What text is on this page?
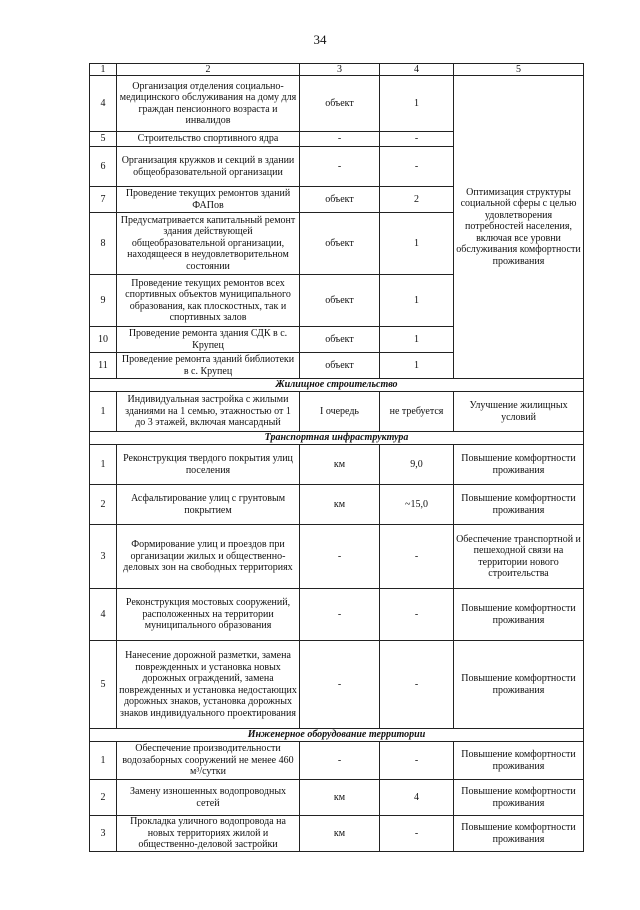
34
1	2	3	4	5
4	Организация отделения социально-медицинского обслуживания на дому для граждан пенсионного возраста и инвалидов	объект	1	Оптимизация структуры социальной сферы с целью удовлетворения потребностей населения, включая все уровни обслуживания комфортности проживания
5	Строительство спортивного ядра	-	-	
6	Организация кружков и секций в здании общеобразовательной организации	-	-	
7	Проведение текущих ремонтов зданий ФАПов	объект	2	
8	Предусматривается капитальный ремонт здания действующей общеобразовательной организации, находящееся в неудовлетворительном состоянии	объект	1	
9	Проведение текущих ремонтов всех спортивных объектов муниципального образования, как плоскостных, так и спортивных залов	объект	1	
10	Проведение ремонта здания СДК в с. Крупец	объект	1	
11	Проведение ремонта зданий библиотеки в с. Крупец	объект	1	
Жилищное строительство				
1	Индивидуальная застройка с жилыми зданиями на 1 семью, этажностью от 1 до 3 этажей, включая мансардный	I очередь	не требуется	Улучшение жилищных условий
Транспортная инфраструктура				
1	Реконструкция твердого покрытия улиц поселения	км	9,0	Повышение комфортности проживания
2	Асфальтирование улиц с грунтовым покрытием	км	~15,0	Повышение комфортности проживания
3	Формирование улиц и проездов при организации жилых и общественно-деловых зон на свободных территориях	-	-	Обеспечение транспортной и пешеходной связи на территории нового строительства
4	Реконструкция мостовых сооружений, расположенных на территории муниципального образования	-	-	Повышение комфортности проживания
5	Нанесение дорожной разметки, замена поврежденных и установка новых дорожных ограждений, замена поврежденных и установка недостающих дорожных знаков, установка дорожных знаков индивидуального проектирования	-	-	Повышение комфортности проживания
Инженерное оборудование территории				
1	Обеспечение производительности водозаборных сооружений не менее 460 м³/сутки	-	-	Повышение комфортности проживания
2	Замену изношенных водопроводных сетей	км	4	Повышение комфортности проживания
3	Прокладка уличного водопровода на новых территориях жилой и общественно-деловой застройки	км	-	Повышение комфортности проживания
